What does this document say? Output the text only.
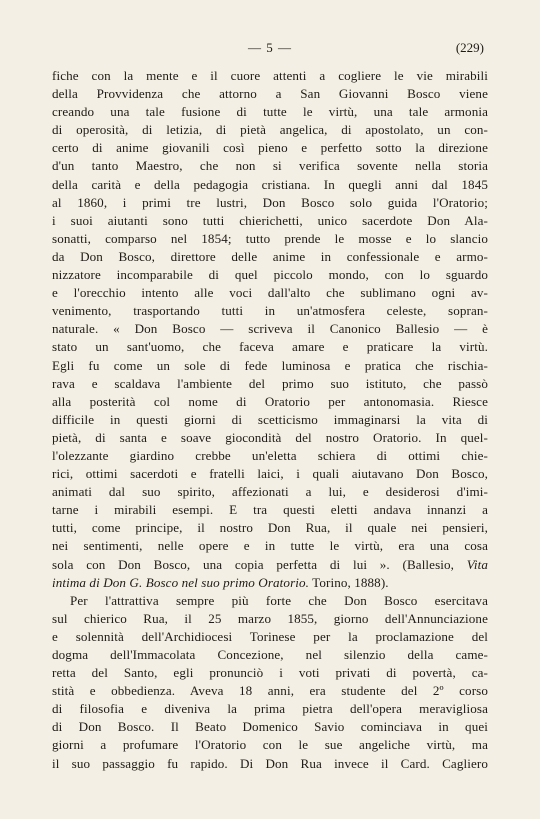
— 5 —	(229)
fiche con la mente e il cuore attenti a cogliere le vie mirabili
della Provvidenza che attorno a San Giovanni Bosco viene
creando una tale fusione di tutte le virtù, una tale armonia
di operosità, di letizia, di pietà angelica, di apostolato, un con-
certo di anime giovanili così pieno e perfetto sotto la direzione
d'un tanto Maestro, che non si verifica sovente nella storia
della carità e della pedagogia cristiana. In quegli anni dal 1845
al 1860, i primi tre lustri, Don Bosco solo guida l'Oratorio;
i suoi aiutanti sono tutti chierichetti, unico sacerdote Don Ala-
sonatti, comparso nel 1854; tutto prende le mosse e lo slancio
da Don Bosco, direttore delle anime in confessionale e armo-
nizzatore incomparabile di quel piccolo mondo, con lo sguardo
e l'orecchio intento alle voci dall'alto che sublimano ogni av-
venimento, trasportando tutti in un'atmosfera celeste, sopran-
naturale. « Don Bosco — scriveva il Canonico Ballesio — è
stato un sant'uomo, che faceva amare e praticare la virtù.
Egli fu come un sole di fede luminosa e pratica che rischia-
rava e scaldava l'ambiente del primo suo istituto, che passò
alla posterità col nome di Oratorio per antonomasia. Riesce
difficile in questi giorni di scetticismo immaginarsi la vita di
pietà, di santa e soave giocondità del nostro Oratorio. In quel-
l'olezzante giardino crebbe un'eletta schiera di ottimi chie-
rici, ottimi sacerdoti e fratelli laici, i quali aiutavano Don Bosco,
animati dal suo spirito, affezionati a lui, e desiderosi d'imi-
tarne i mirabili esempi. E tra questi eletti andava innanzi a
tutti, come principe, il nostro Don Rua, il quale nei pensieri,
nei sentimenti, nelle opere e in tutte le virtù, era una cosa
sola con Don Bosco, una copia perfetta di lui ». (Ballesio, Vita
intima di Don G. Bosco nel suo primo Oratorio. Torino, 1888).
Per l'attrattiva sempre più forte che Don Bosco esercitava
sul chierico Rua, il 25 marzo 1855, giorno dell'Annunciazione
e solennità dell'Archidiocesi Torinese per la proclamazione del
dogma dell'Immacolata Concezione, nel silenzio della came-
retta del Santo, egli pronunciò i voti privati di povertà, ca-
stità e obbedienza. Aveva 18 anni, era studente del 2º corso
di filosofia e diveniva la prima pietra dell'opera meravigliosa
di Don Bosco. Il Beato Domenico Savio cominciava in quei
giorni a profumare l'Oratorio con le sue angeliche virtù, ma
il suo passaggio fu rapido. Di Don Rua invece il Card. Cagliero
